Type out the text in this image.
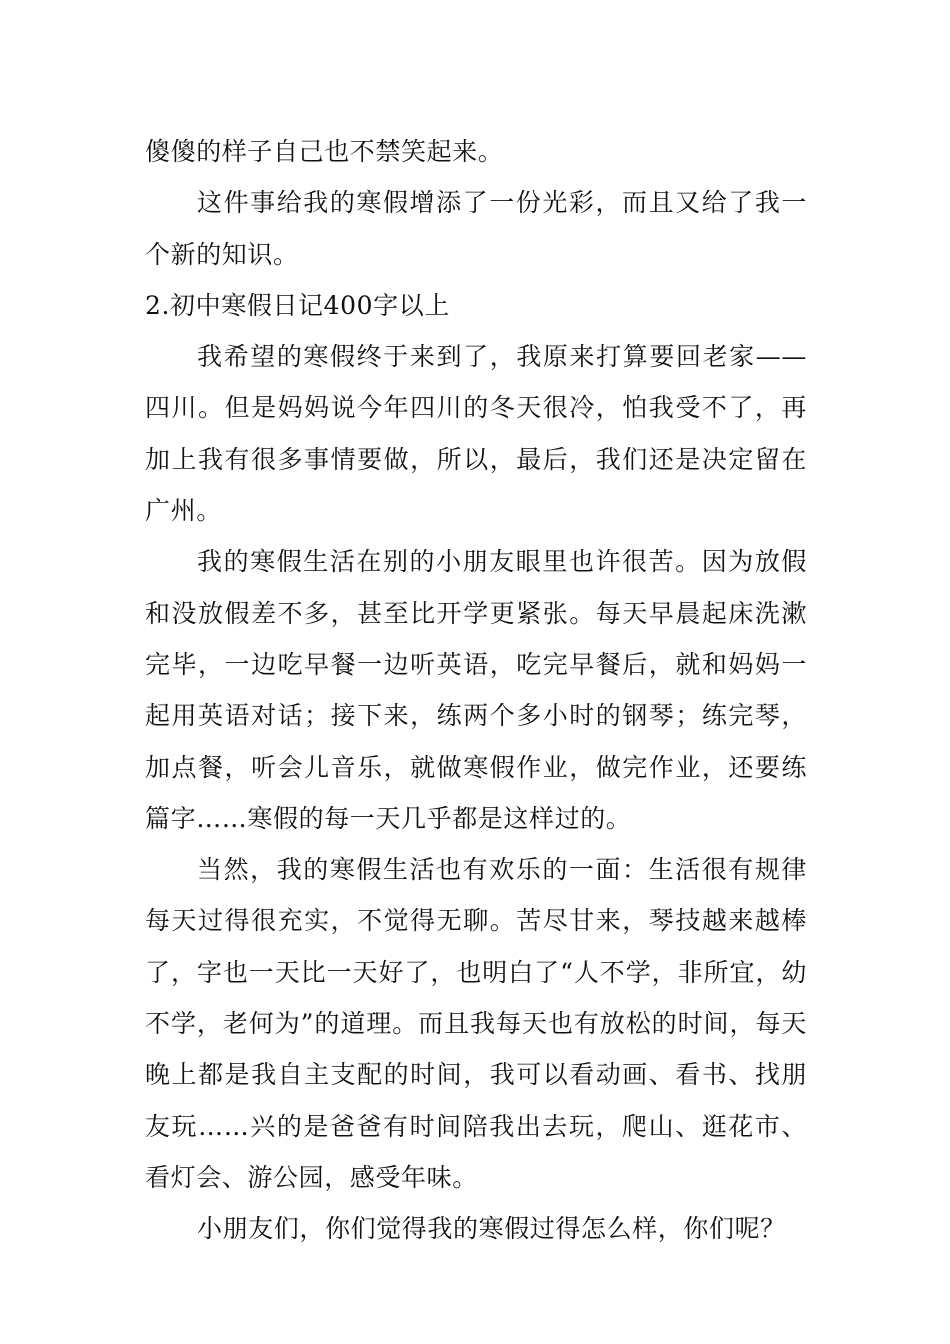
傻傻的样子自己也不禁笑起来。

这件事给我的寒假增添了一份光彩，而且又给了我一个新的知识。

2.初中寒假日记400字以上

我希望的寒假终于来到了，我原来打算要回老家——四川。但是妈妈说今年四川的冬天很冷，怕我受不了，再加上我有很多事情要做，所以，最后，我们还是决定留在广州。

我的寒假生活在别的小朋友眼里也许很苦。因为放假和没放假差不多，甚至比开学更紧张。每天早晨起床洗漱完毕，一边吃早餐一边听英语，吃完早餐后，就和妈妈一起用英语对话；接下来，练两个多小时的钢琴；练完琴，加点餐，听会儿音乐，就做寒假作业，做完作业，还要练篇字……寒假的每一天几乎都是这样过的。

当然，我的寒假生活也有欢乐的一面：生活很有规律每天过得很充实，不觉得无聊。苦尽甘来，琴技越来越棒了，字也一天比一天好了，也明白了“人不学，非所宜，幼不学，老何为”的道理。而且我每天也有放松的时间，每天晚上都是我自主支配的时间，我可以看动画、看书、找朋友玩……兴的是爸爸有时间陪我出去玩，爬山、逛花市、看灯会、游公园，感受年味。

小朋友们，你们觉得我的寒假过得怎么样，你们呢？
